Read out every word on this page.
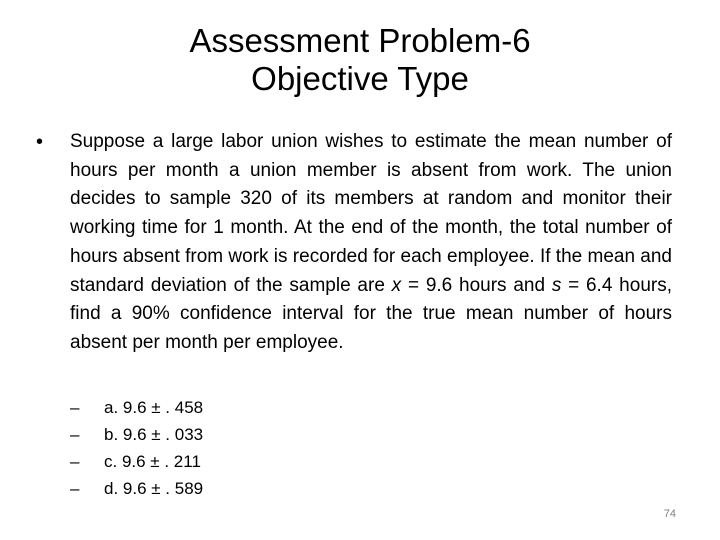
Assessment Problem-6
Objective Type
• Suppose a large labor union wishes to estimate the mean number of hours per month a union member is absent from work. The union decides to sample 320 of its members at random and monitor their working time for 1 month. At the end of the month, the total number of hours absent from work is recorded for each employee. If the mean and standard deviation of the sample are x = 9.6 hours and s = 6.4 hours, find a 90% confidence interval for the true mean number of hours absent per month per employee.
– a. 9.6 ± . 458
– b. 9.6 ± . 033
– c. 9.6 ± . 211
– d. 9.6 ± . 589
74
